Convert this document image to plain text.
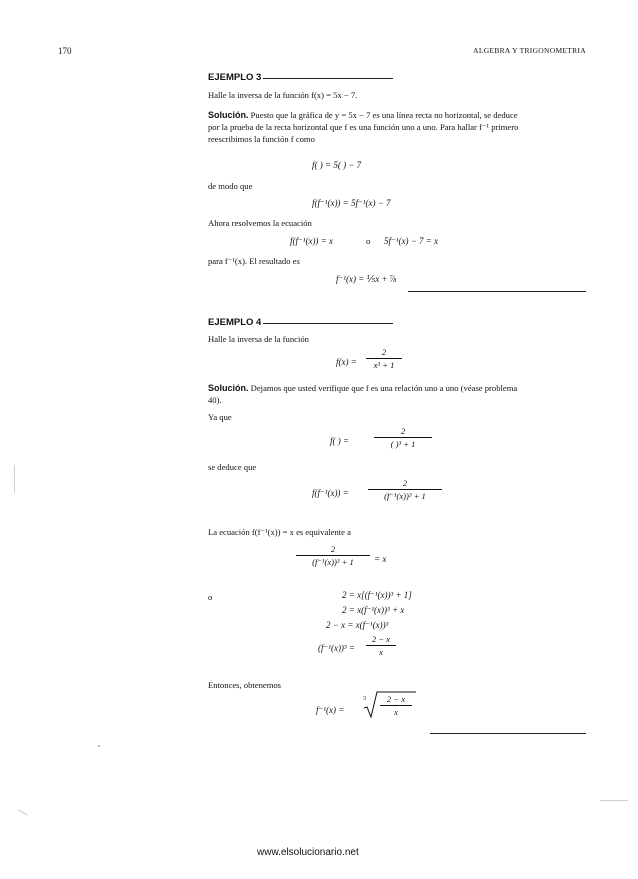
170	ALGEBRA Y TRIGONOMETRIA
EJEMPLO 3
Halle la inversa de la función f(x) = 5x − 7.
Solución. Puesto que la gráfica de y = 5x − 7 es una línea recta no horizontal, se deduce
por la prueba de la recta horizontal que f es una función uno a uno. Para hallar f⁻¹ primero
reescribimos la función f como
f( ) = 5( ) − 7
de modo que
f(f⁻¹(x)) = 5f⁻¹(x) − 7
Ahora resolvemos la ecuación
f(f⁻¹(x)) = x	o 5f⁻¹(x) − 7 = x
para f⁻¹(x). El resultado es
f⁻¹(x) = ⅕x + ⅞
EJEMPLO 4
Halle la inversa de la función
f(x) =
2
x³ + 1
Solución. Dejamos que usted verifique que f es una relación uno a uno (véase problema
40).
Ya que
f( ) =
2
( )³ + 1
se deduce que
f(f⁻¹(x)) =
2
(f⁻¹(x))³ + 1
La ecuación f(f⁻¹(x)) = x es equivalente a
2
(f⁻¹(x))³ + 1	= x
o	2 = x[(f⁻¹(x))³ + 1]
2 = x(f⁻¹(x))³ + x
2 − x = x(f⁻¹(x))³
(f⁻¹(x))³ =
2 − x
x
Entonces, obtenemos
f⁻¹(x) =
3	2 − x
x
www.elsolucionario.net
